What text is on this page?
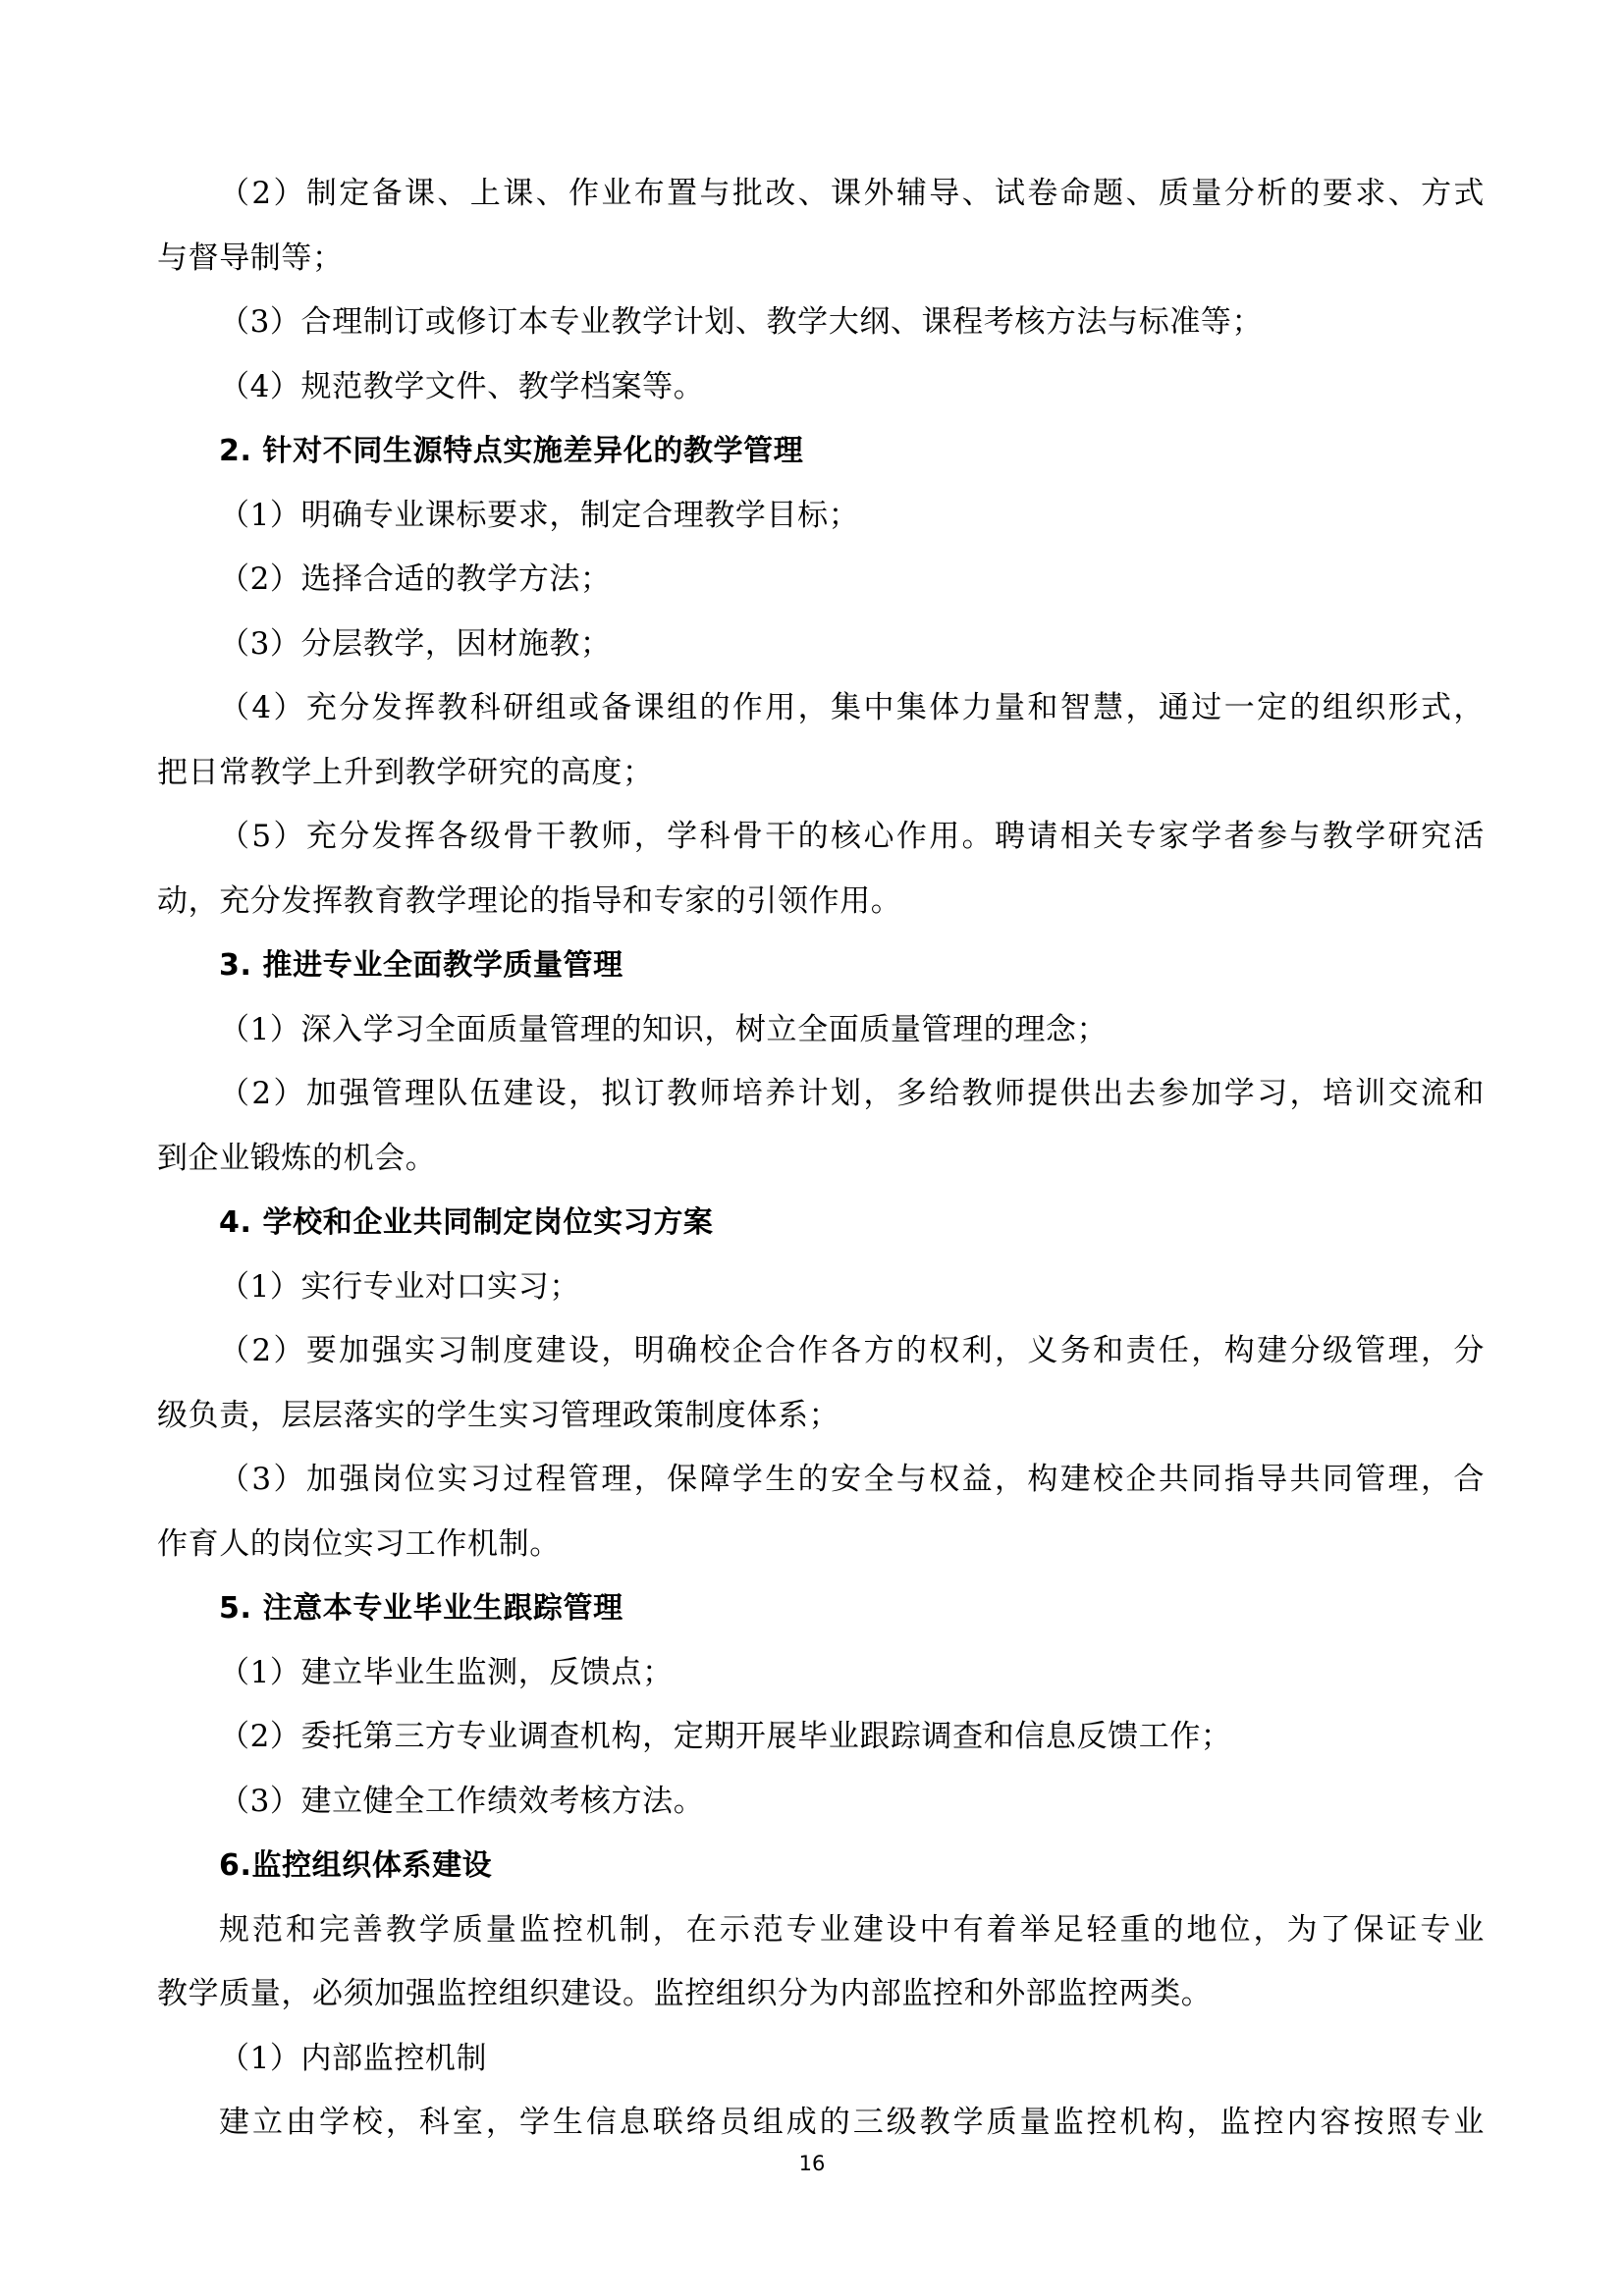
（2）制定备课、上课、作业布置与批改、课外辅导、试卷命题、质量分析的要求、方式
与督导制等；
（3）合理制订或修订本专业教学计划、教学大纲、课程考核方法与标准等；
（4）规范教学文件、教学档案等。
2. 针对不同生源特点实施差异化的教学管理
（1）明确专业课标要求，制定合理教学目标；
（2）选择合适的教学方法；
（3）分层教学，因材施教；
（4）充分发挥教科研组或备课组的作用，集中集体力量和智慧，通过一定的组织形式，
把日常教学上升到教学研究的高度；
（5）充分发挥各级骨干教师，学科骨干的核心作用。聘请相关专家学者参与教学研究活
动，充分发挥教育教学理论的指导和专家的引领作用。
3. 推进专业全面教学质量管理
（1）深入学习全面质量管理的知识，树立全面质量管理的理念；
（2）加强管理队伍建设，拟订教师培养计划，多给教师提供出去参加学习，培训交流和
到企业锻炼的机会。
4. 学校和企业共同制定岗位实习方案
（1）实行专业对口实习；
（2）要加强实习制度建设，明确校企合作各方的权利，义务和责任，构建分级管理，分
级负责，层层落实的学生实习管理政策制度体系；
（3）加强岗位实习过程管理，保障学生的安全与权益，构建校企共同指导共同管理，合
作育人的岗位实习工作机制。
5. 注意本专业毕业生跟踪管理
（1）建立毕业生监测，反馈点；
（2）委托第三方专业调查机构，定期开展毕业跟踪调查和信息反馈工作；
（3）建立健全工作绩效考核方法。
6.监控组织体系建设
规范和完善教学质量监控机制，在示范专业建设中有着举足轻重的地位，为了保证专业
教学质量，必须加强监控组织建设。监控组织分为内部监控和外部监控两类。
（1）内部监控机制
建立由学校，科室，学生信息联络员组成的三级教学质量监控机构，监控内容按照专业
16
